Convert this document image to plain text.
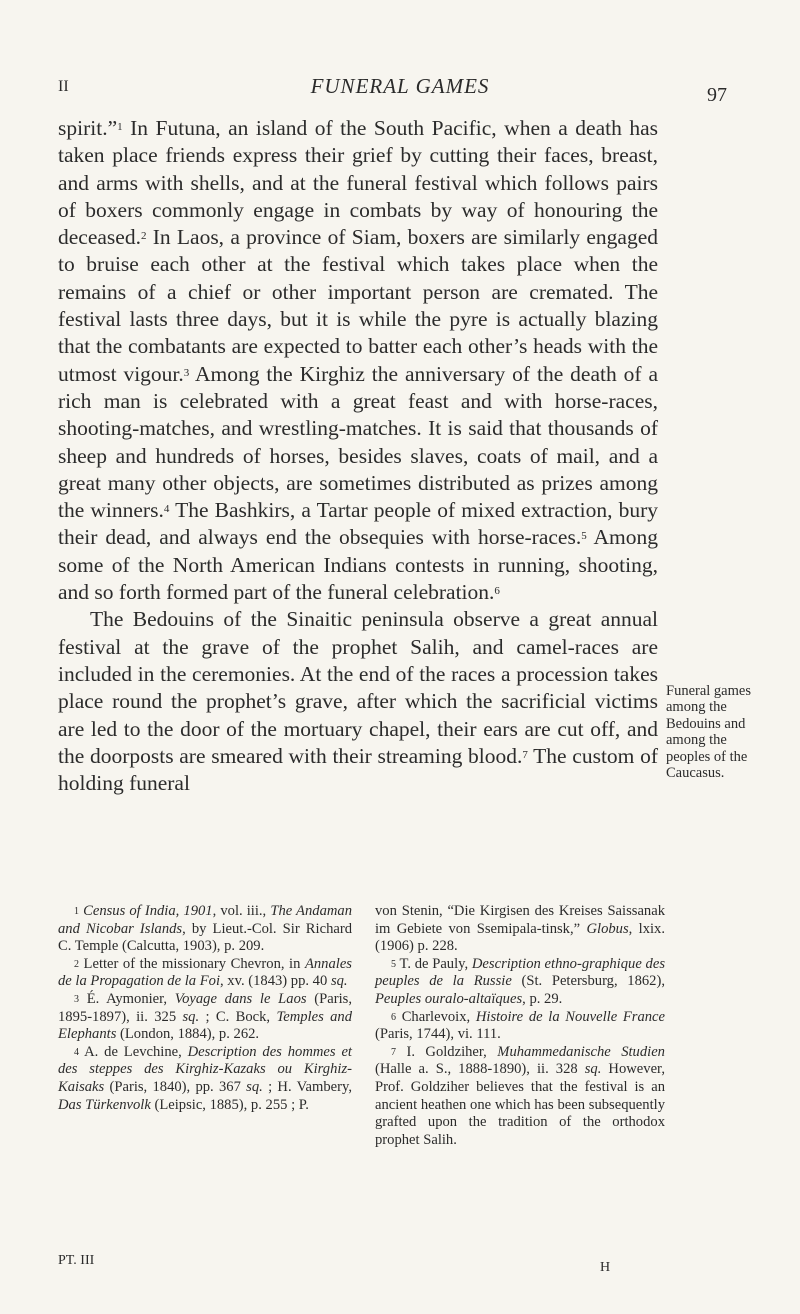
II	FUNERAL GAMES	97

spirit.”$^1$ In Futuna, an island of the South Pacific, when a death has taken place friends express their grief by cutting their faces, breast, and arms with shells, and at the funeral festival which follows pairs of boxers commonly engage in combats by way of honouring the deceased.$^2$ In Laos, a province of Siam, boxers are similarly engaged to bruise each other at the festival which takes place when the remains of a chief or other important person are cremated. The festival lasts three days, but it is while the pyre is actually blazing that the combatants are expected to batter each other’s heads with the utmost vigour.$^3$ Among the Kirghiz the anniversary of the death of a rich man is celebrated with a great feast and with horse-races, shooting-matches, and wrestling-matches. It is said that thousands of sheep and hundreds of horses, besides slaves, coats of mail, and a great many other objects, are sometimes distributed as prizes among the winners.$^4$ The Bashkirs, a Tartar people of mixed extraction, bury their dead, and always end the obsequies with horse-races.$^5$ Among some of the North American Indians contests in running, shooting, and so forth formed part of the funeral celebration.$^6$

The Bedouins of the Sinaitic peninsula observe a great annual festival at the grave of the prophet Salih, and camel-races are included in the ceremonies. At the end of the races a procession takes place round the prophet’s grave, after which the sacrificial victims are led to the door of the mortuary chapel, their ears are cut off, and the doorposts are smeared with their streaming blood.$^7$ The custom of holding funeral

Funeral games among the Bedouins and among the peoples of the Caucasus.

$^1$ Census of India, 1901, vol. iii., The Andaman and Nicobar Islands, by Lieut.-Col. Sir Richard C. Temple (Calcutta, 1903), p. 209.

$^2$ Letter of the missionary Chevron, in Annales de la Propagation de la Foi, xv. (1843) pp. 40 sq.

$^3$ É. Aymonier, Voyage dans le Laos (Paris, 1895-1897), ii. 325 sq. ; C. Bock, Temples and Elephants (London, 1884), p. 262.

$^4$ A. de Levchine, Description des hommes et des steppes des Kirghiz-Kazaks ou Kirghiz-Kaisaks (Paris, 1840), pp. 367 sq. ; H. Vambery, Das Türkenvolk (Leipsic, 1885), p. 255 ; P.

von Stenin, “Die Kirgisen des Kreises Saissanak im Gebiete von Ssemipala-tinsk,” Globus, lxix. (1906) p. 228.

$^5$ T. de Pauly, Description ethno-graphique des peuples de la Russie (St. Petersburg, 1862), Peuples ouralo-altaïques, p. 29.

$^6$ Charlevoix, Histoire de la Nouvelle France (Paris, 1744), vi. 111.

$^7$ I. Goldziher, Muhammedanische Studien (Halle a. S., 1888-1890), ii. 328 sq. However, Prof. Goldziher believes that the festival is an ancient heathen one which has been subsequently grafted upon the tradition of the orthodox prophet Salih.

PT. III	H
